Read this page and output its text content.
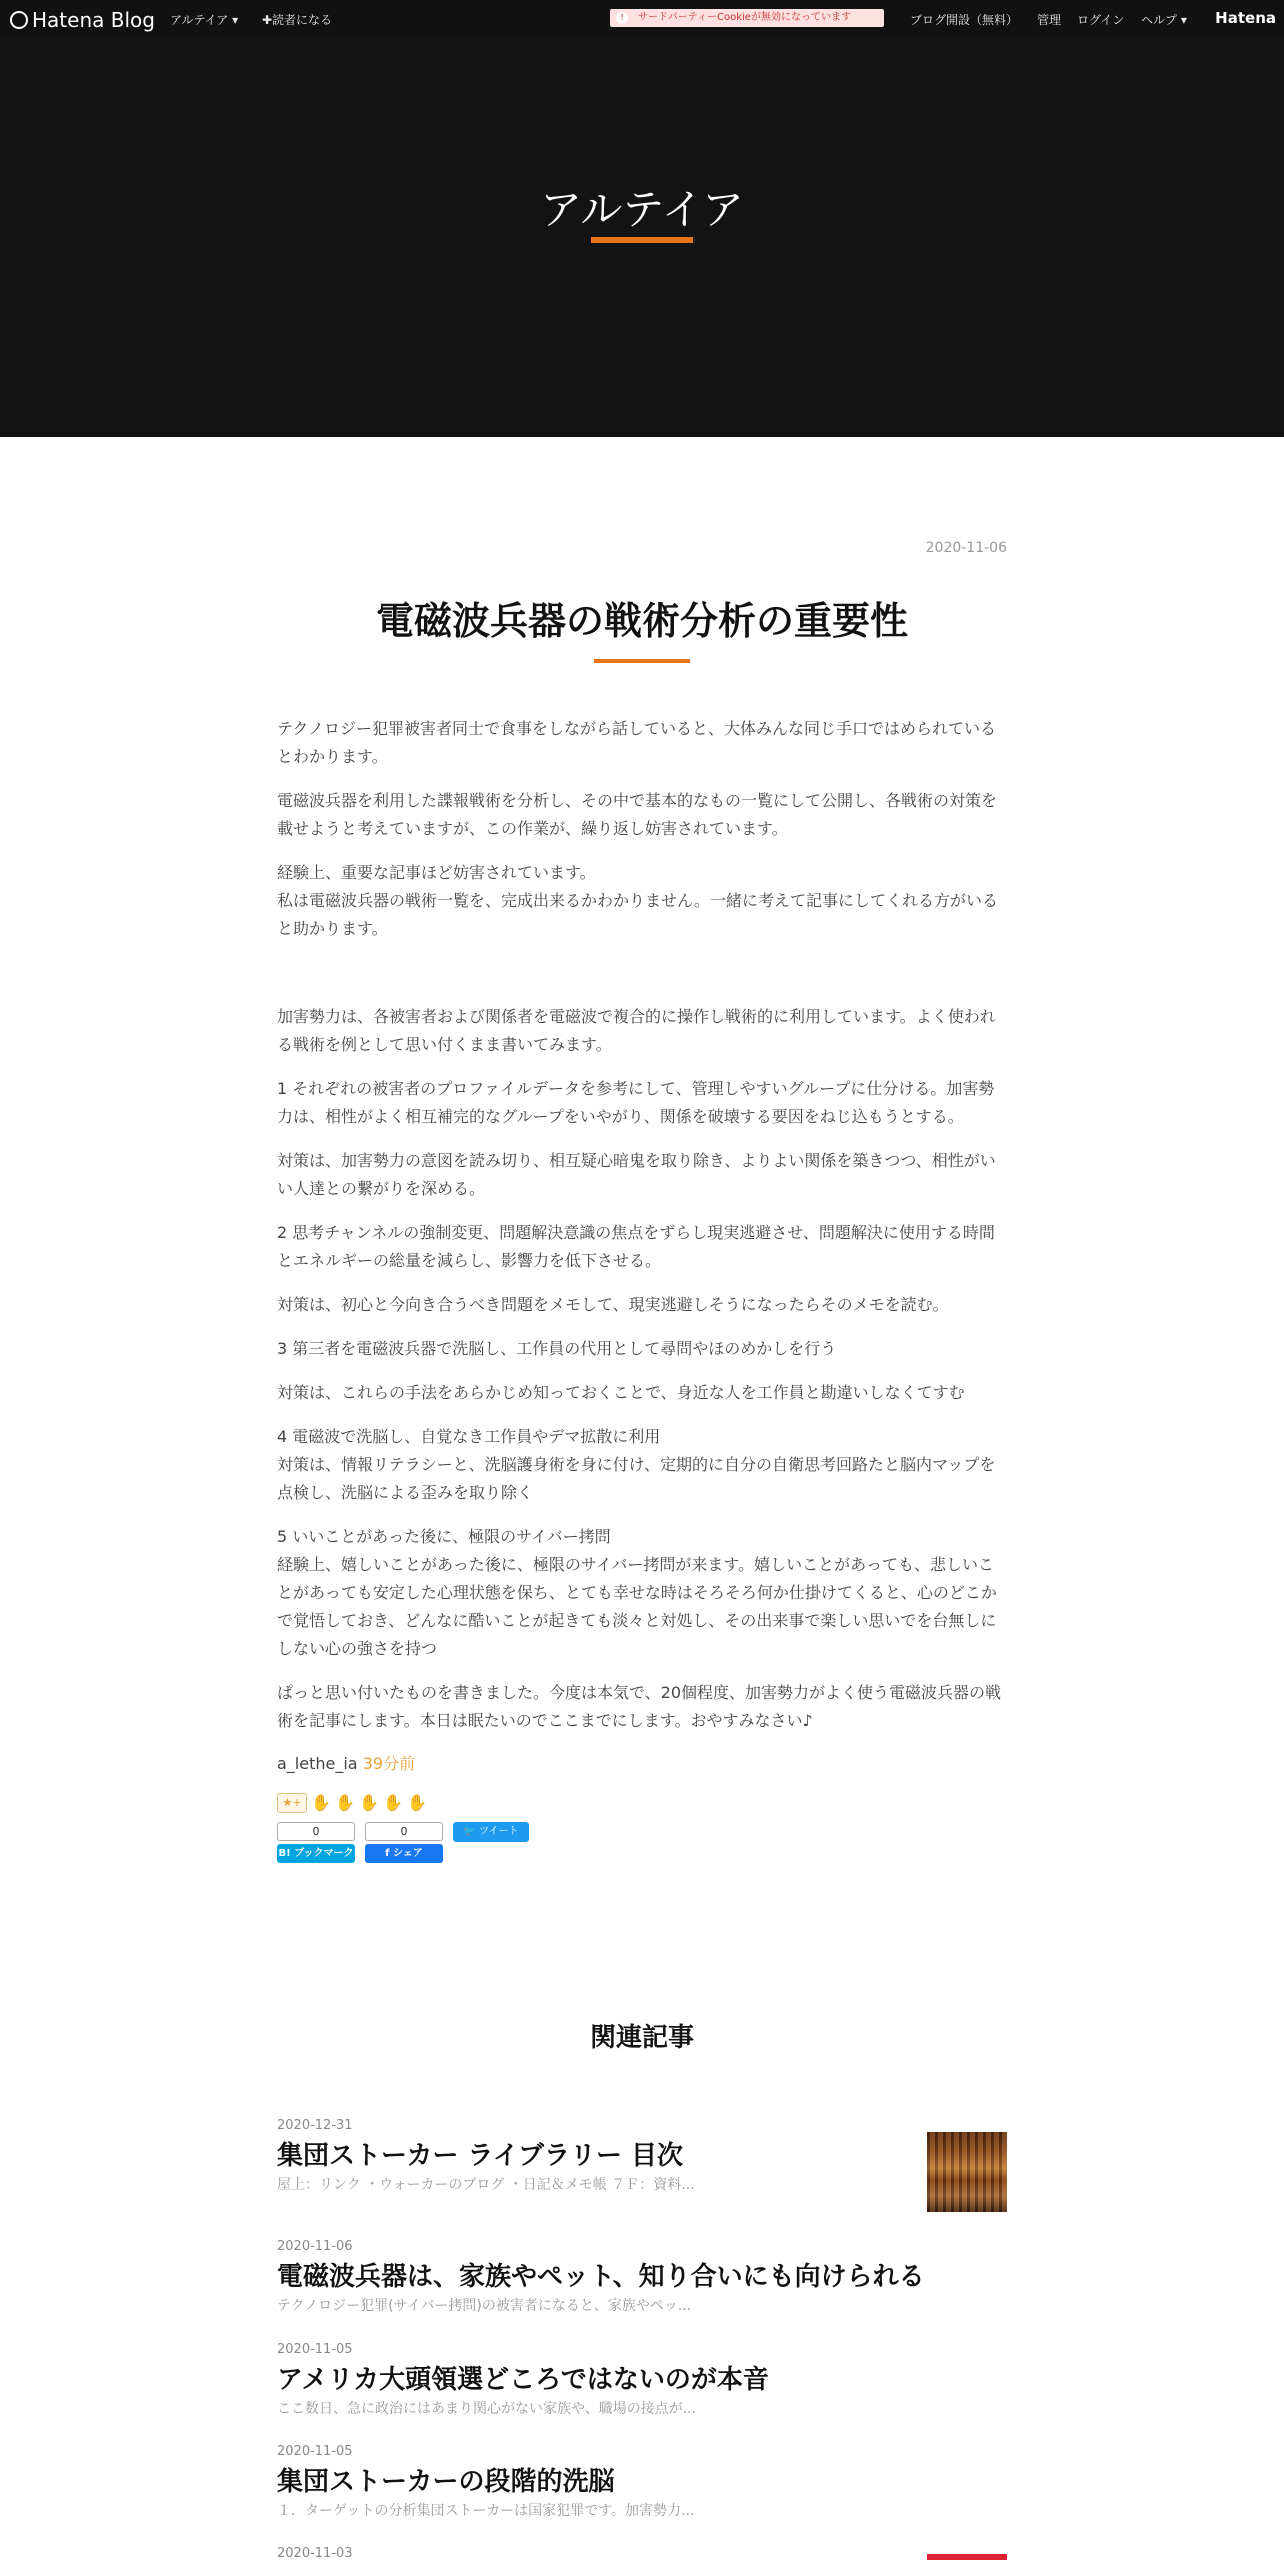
Hatena Blog アルテイア ▾ ✚読者になる	!	サードパーティーCookieが無効になっています	ブログ開設（無料） 管理 ログイン ヘルプ ▾ Hatena
アルテイア
2020-11-06
電磁波兵器の戦術分析の重要性

テクノロジー犯罪被害者同士で食事をしながら話していると、大体みんな同じ手口ではめられているとわかります。

電磁波兵器を利用した諜報戦術を分析し、その中で基本的なもの一覧にして公開し、各戦術の対策を載せようと考えていますが、この作業が、繰り返し妨害されています。

経験上、重要な記事ほど妨害されています。
私は電磁波兵器の戦術一覧を、完成出来るかわかりません。一緒に考えて記事にしてくれる方がいると助かります。

加害勢力は、各被害者および関係者を電磁波で複合的に操作し戦術的に利用しています。よく使われる戦術を例として思い付くまま書いてみます。

1 それぞれの被害者のプロファイルデータを参考にして、管理しやすいグループに仕分ける。加害勢力は、相性がよく相互補完的なグループをいやがり、関係を破壊する要因をねじ込もうとする。

対策は、加害勢力の意図を読み切り、相互疑心暗鬼を取り除き、よりよい関係を築きつつ、相性がいい人達との繋がりを深める。

2 思考チャンネルの強制変更、問題解決意識の焦点をずらし現実逃避させ、問題解決に使用する時間とエネルギーの総量を減らし、影響力を低下させる。

対策は、初心と今向き合うべき問題をメモして、現実逃避しそうになったらそのメモを読む。

3 第三者を電磁波兵器で洗脳し、工作員の代用として尋問やほのめかしを行う

対策は、これらの手法をあらかじめ知っておくことで、身近な人を工作員と勘違いしなくてすむ

4 電磁波で洗脳し、自覚なき工作員やデマ拡散に利用
対策は、情報リテラシーと、洗脳護身術を身に付け、定期的に自分の自衛思考回路たと脳内マップを点検し、洗脳による歪みを取り除く

5 いいことがあった後に、極限のサイバー拷問
経験上、嬉しいことがあった後に、極限のサイバー拷問が来ます。嬉しいことがあっても、悲しいことがあっても安定した心理状態を保ち、とても幸せな時はそろそろ何か仕掛けてくると、心のどこかで覚悟しておき、どんなに酷いことが起きても淡々と対処し、その出来事で楽しい思いでを台無しにしない心の強さを持つ

ぱっと思い付いたものを書きました。今度は本気で、20個程度、加害勢力がよく使う電磁波兵器の戦術を記事にします。本日は眠たいのでここまでにします。おやすみなさい♪

a_lethe_ia 39分前
★+ ✋ ✋ ✋ ✋ ✋
0
B! ブックマーク
0
f シェア
🐦 ツイート
関連記事
2020-12-31
集団ストーカー ライブラリー 目次
屋上：リンク ・ウォーカーのブログ ・日記＆メモ帳 ７Ｆ：資料...
2020-11-06
電磁波兵器は、家族やペット、知り合いにも向けられる
テクノロジー犯罪(サイバー拷問)の被害者になると、家族やペッ...
2020-11-05
アメリカ大頭領選どころではないのが本音
ここ数日、急に政治にはあまり関心がない家族や、職場の接点が...
2020-11-05
集団ストーカーの段階的洗脳
１．ターゲットの分析集団ストーカーは国家犯罪です。加害勢力...
2020-11-03
